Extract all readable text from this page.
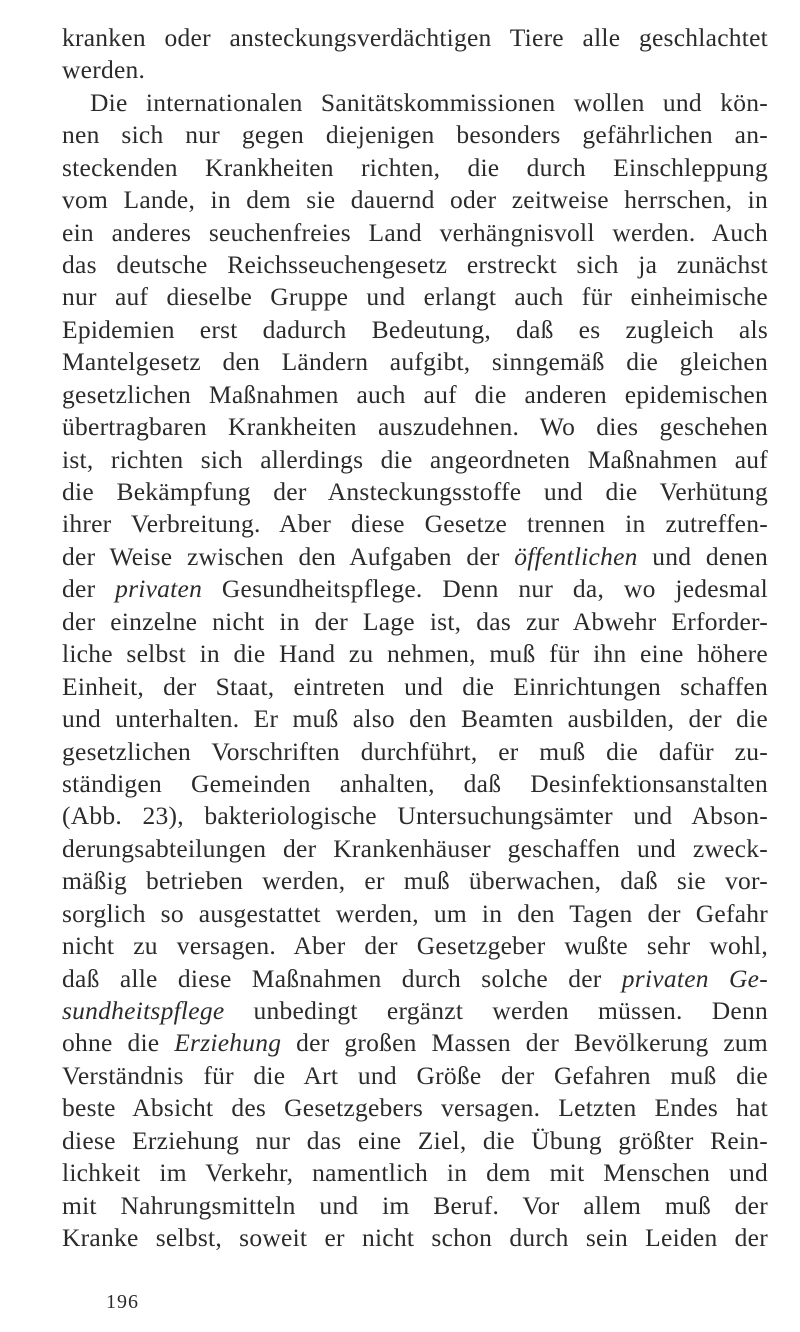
kranken oder ansteckungsverdächtigen Tiere alle geschlachtet
werden.
Die internationalen Sanitätskommissionen wollen und kön-
nen sich nur gegen diejenigen besonders gefährlichen an-
steckenden Krankheiten richten, die durch Einschleppung
vom Lande, in dem sie dauernd oder zeitweise herrschen, in
ein anderes seuchenfreies Land verhängnisvoll werden. Auch
das deutsche Reichsseuchengesetz erstreckt sich ja zunächst
nur auf dieselbe Gruppe und erlangt auch für einheimische
Epidemien erst dadurch Bedeutung, daß es zugleich als
Mantelgesetz den Ländern aufgibt, sinngemäß die gleichen
gesetzlichen Maßnahmen auch auf die anderen epidemischen
übertragbaren Krankheiten auszudehnen. Wo dies geschehen
ist, richten sich allerdings die angeordneten Maßnahmen auf
die Bekämpfung der Ansteckungsstoffe und die Verhütung
ihrer Verbreitung. Aber diese Gesetze trennen in zutreffen-
der Weise zwischen den Aufgaben der öffentlichen und denen
der privaten Gesundheitspflege. Denn nur da, wo jedesmal
der einzelne nicht in der Lage ist, das zur Abwehr Erforder-
liche selbst in die Hand zu nehmen, muß für ihn eine höhere
Einheit, der Staat, eintreten und die Einrichtungen schaffen
und unterhalten. Er muß also den Beamten ausbilden, der die
gesetzlichen Vorschriften durchführt, er muß die dafür zu-
ständigen Gemeinden anhalten, daß Desinfektionsanstalten
(Abb. 23), bakteriologische Untersuchungsämter und Abson-
derungsabteilungen der Krankenhäuser geschaffen und zweck-
mäßig betrieben werden, er muß überwachen, daß sie vor-
sorglich so ausgestattet werden, um in den Tagen der Gefahr
nicht zu versagen. Aber der Gesetzgeber wußte sehr wohl,
daß alle diese Maßnahmen durch solche der privaten Ge-
sundheitspflege unbedingt ergänzt werden müssen. Denn
ohne die Erziehung der großen Massen der Bevölkerung zum
Verständnis für die Art und Größe der Gefahren muß die
beste Absicht des Gesetzgebers versagen. Letzten Endes hat
diese Erziehung nur das eine Ziel, die Übung größter Rein-
lichkeit im Verkehr, namentlich in dem mit Menschen und
mit Nahrungsmitteln und im Beruf. Vor allem muß der
Kranke selbst, soweit er nicht schon durch sein Leiden der
196
